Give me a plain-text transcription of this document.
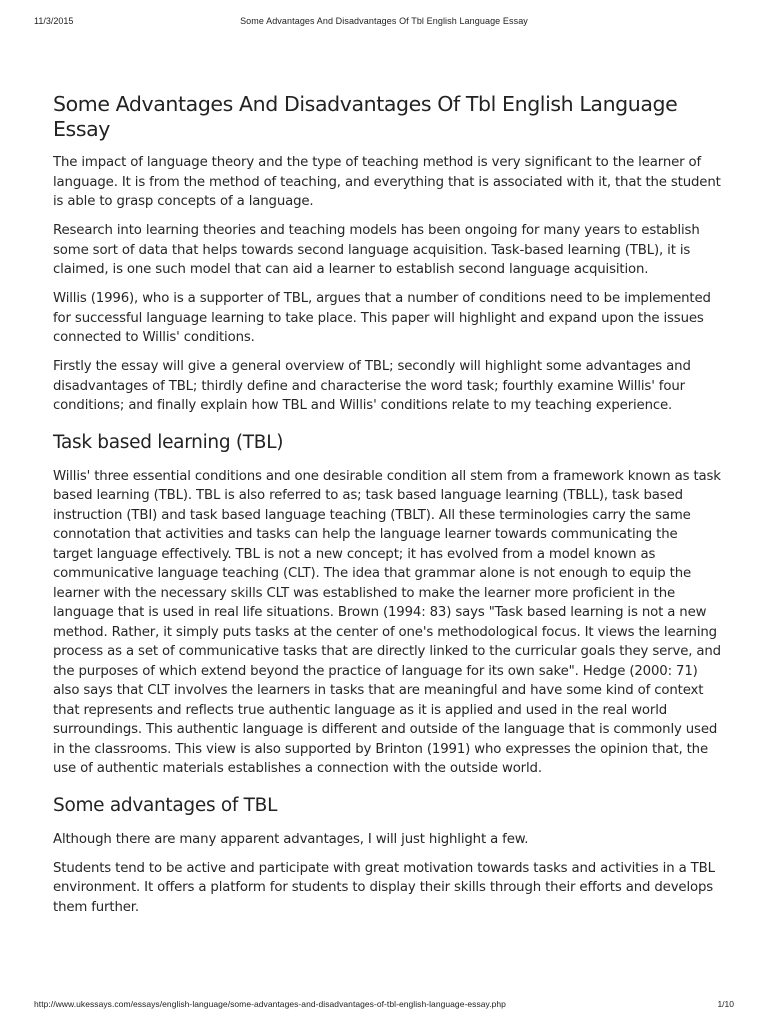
11/3/2015	Some Advantages And Disadvantages Of Tbl English Language Essay
Some Advantages And Disadvantages Of Tbl English Language Essay

The impact of language theory and the type of teaching method is very significant to the learner of language. It is from the method of teaching, and everything that is associated with it, that the student is able to grasp concepts of a language.

Research into learning theories and teaching models has been ongoing for many years to establish some sort of data that helps towards second language acquisition. Task-based learning (TBL), it is claimed, is one such model that can aid a learner to establish second language acquisition.

Willis (1996), who is a supporter of TBL, argues that a number of conditions need to be implemented for successful language learning to take place. This paper will highlight and expand upon the issues connected to Willis' conditions.

Firstly the essay will give a general overview of TBL; secondly will highlight some advantages and disadvantages of TBL; thirdly define and characterise the word task; fourthly examine Willis' four conditions; and finally explain how TBL and Willis' conditions relate to my teaching experience.

Task based learning (TBL)

Willis' three essential conditions and one desirable condition all stem from a framework known as task based learning (TBL). TBL is also referred to as; task based language learning (TBLL), task based instruction (TBI) and task based language teaching (TBLT). All these terminologies carry the same connotation that activities and tasks can help the language learner towards communicating the target language effectively. TBL is not a new concept; it has evolved from a model known as communicative language teaching (CLT). The idea that grammar alone is not enough to equip the learner with the necessary skills CLT was established to make the learner more proficient in the language that is used in real life situations. Brown (1994: 83) says "Task based learning is not a new method. Rather, it simply puts tasks at the center of one's methodological focus. It views the learning process as a set of communicative tasks that are directly linked to the curricular goals they serve, and the purposes of which extend beyond the practice of language for its own sake". Hedge (2000: 71) also says that CLT involves the learners in tasks that are meaningful and have some kind of context that represents and reflects true authentic language as it is applied and used in the real world surroundings. This authentic language is different and outside of the language that is commonly used in the classrooms. This view is also supported by Brinton (1991) who expresses the opinion that, the use of authentic materials establishes a connection with the outside world.

Some advantages of TBL

Although there are many apparent advantages, I will just highlight a few.

Students tend to be active and participate with great motivation towards tasks and activities in a TBL environment. It offers a platform for students to display their skills through their efforts and develops them further.

http://www.ukessays.com/essays/english-language/some-advantages-and-disadvantages-of-tbl-english-language-essay.php	1/10
